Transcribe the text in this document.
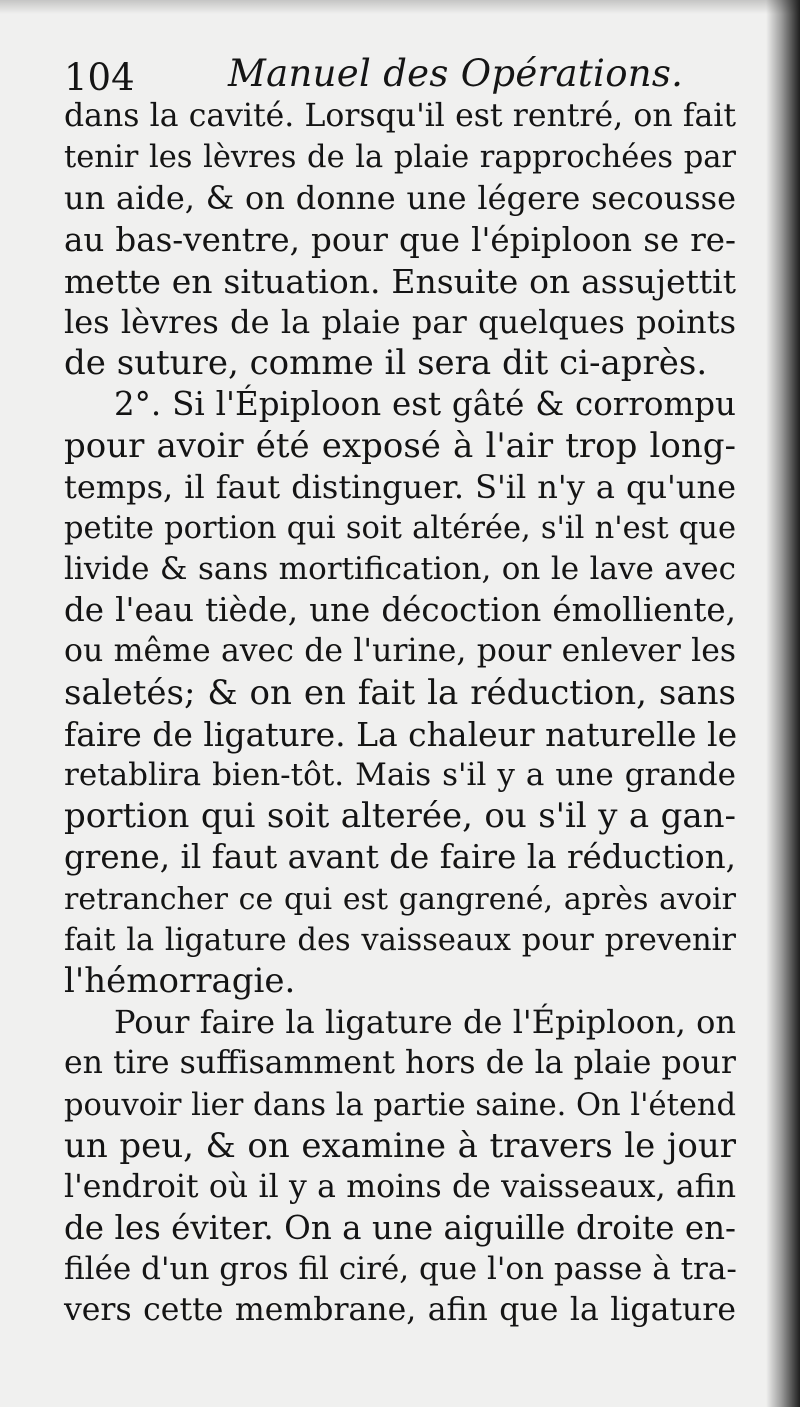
104	Manuel des Opérations.
dans la cavité. Lorsqu'il est rentré, on fait
tenir les lèvres de la plaie rapprochées par
un aide, & on donne une légere secousse
au bas-ventre, pour que l'épiploon se re-
mette en situation. Ensuite on assujettit
les lèvres de la plaie par quelques points
de suture, comme il sera dit ci-après.
2°. Si l'Épiploon est gâté & corrompu
pour avoir été exposé à l'air trop long-
temps, il faut distinguer. S'il n'y a qu'une
petite portion qui soit altérée, s'il n'est que
livide & sans mortification, on le lave avec
de l'eau tiède, une décoction émolliente,
ou même avec de l'urine, pour enlever les
saletés; & on en fait la réduction, sans
faire de ligature. La chaleur naturelle le
retablira bien-tôt. Mais s'il y a une grande
portion qui soit alterée, ou s'il y a gan-
grene, il faut avant de faire la réduction,
retrancher ce qui est gangrené, après avoir
fait la ligature des vaisseaux pour prevenir
l'hémorragie.
Pour faire la ligature de l'Épiploon, on
en tire suffisamment hors de la plaie pour
pouvoir lier dans la partie saine. On l'étend
un peu, & on examine à travers le jour
l'endroit où il y a moins de vaisseaux, afin
de les éviter. On a une aiguille droite en-
filée d'un gros fil ciré, que l'on passe à tra-
vers cette membrane, afin que la ligature
